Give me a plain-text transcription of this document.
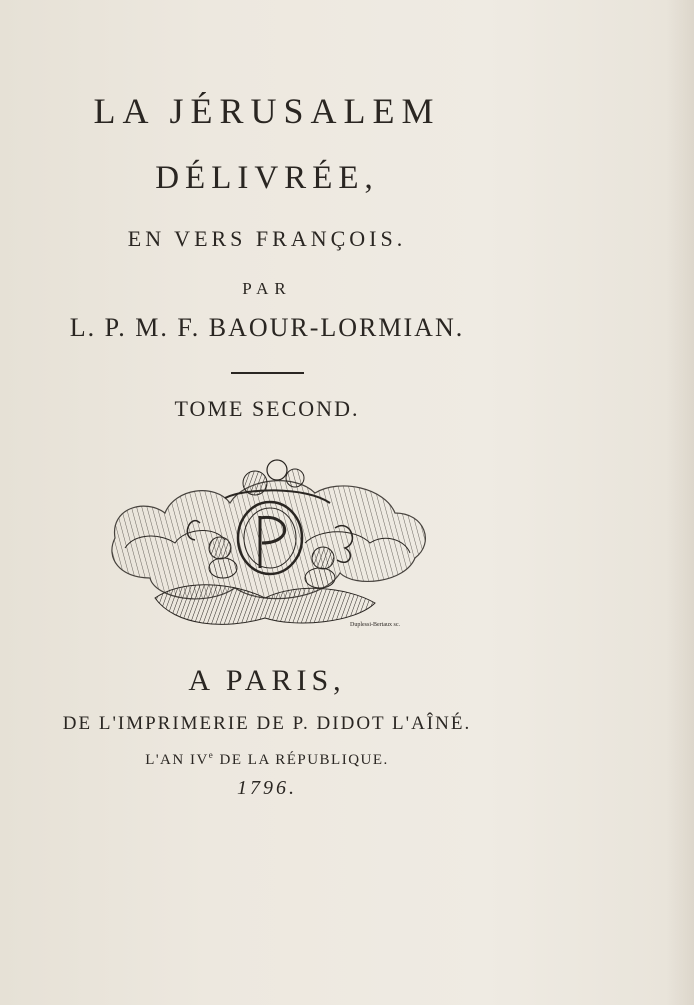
LA JÉRUSALEM
DÉLIVRÉE,
EN VERS FRANÇOIS.
PAR
L. P. M. F. BAOUR-LORMIAN.
TOME SECOND.
Duplessi-Bertaux sc.
A PARIS,
DE L'IMPRIMERIE DE P. DIDOT L'AÎNÉ.
L'AN IVe DE LA RÉPUBLIQUE.
1796.
